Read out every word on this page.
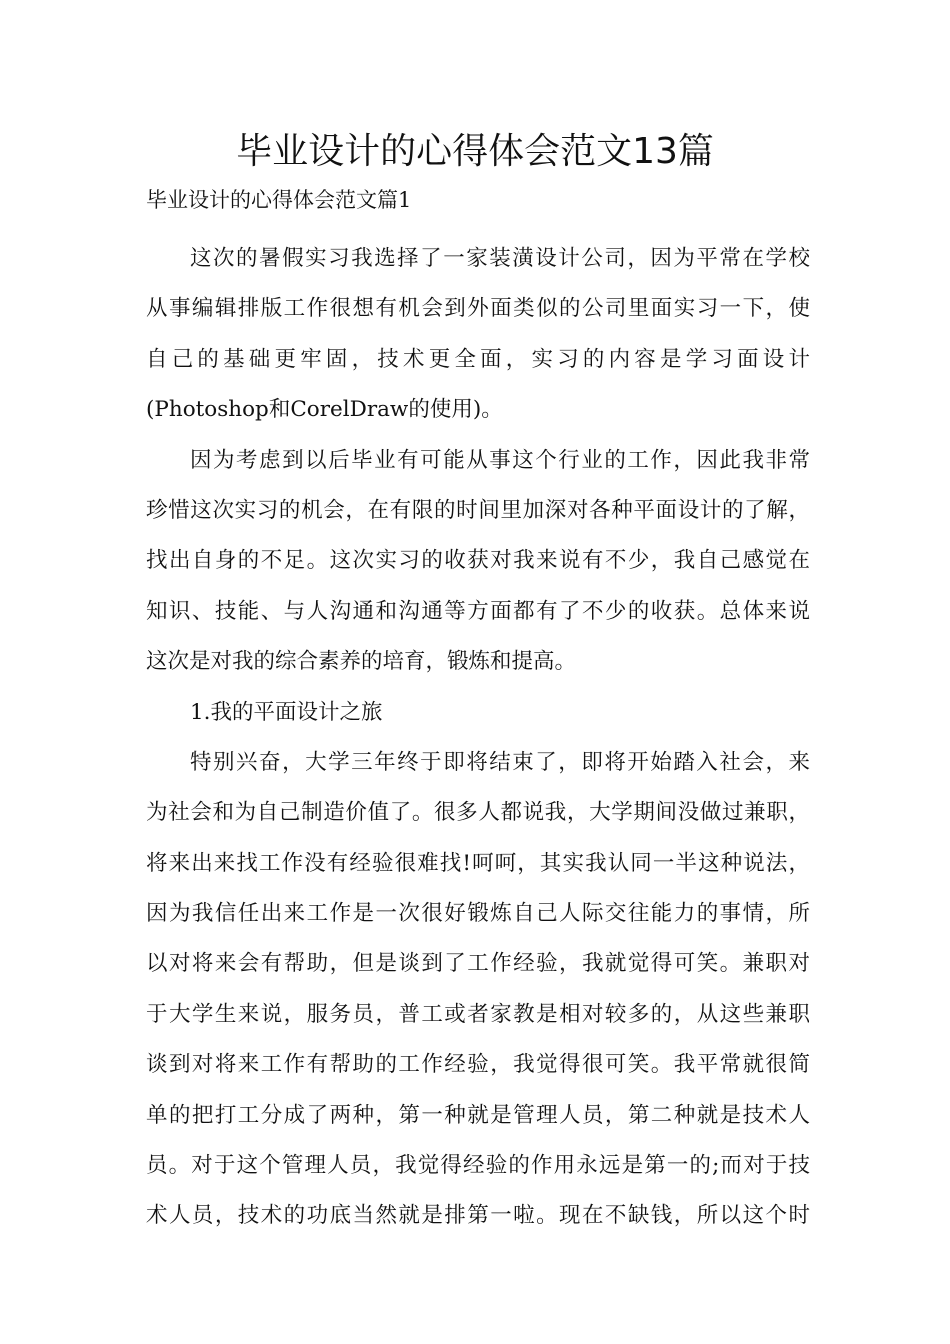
毕业设计的心得体会范文13篇
毕业设计的心得体会范文篇1
这次的暑假实习我选择了一家装潢设计公司，因为平常在学校
从事编辑排版工作很想有机会到外面类似的公司里面实习一下，使
自己的基础更牢固，技术更全面，实习的内容是学习面设计
(Photoshop和CorelDraw的使用)。
因为考虑到以后毕业有可能从事这个行业的工作，因此我非常
珍惜这次实习的机会，在有限的时间里加深对各种平面设计的了解，
找出自身的不足。这次实习的收获对我来说有不少，我自己感觉在
知识、技能、与人沟通和沟通等方面都有了不少的收获。总体来说
这次是对我的综合素养的培育，锻炼和提高。
1.我的平面设计之旅
特别兴奋，大学三年终于即将结束了，即将开始踏入社会，来
为社会和为自己制造价值了。很多人都说我，大学期间没做过兼职，
将来出来找工作没有经验很难找!呵呵，其实我认同一半这种说法，
因为我信任出来工作是一次很好锻炼自己人际交往能力的事情，所
以对将来会有帮助，但是谈到了工作经验，我就觉得可笑。兼职对
于大学生来说，服务员，普工或者家教是相对较多的，从这些兼职
谈到对将来工作有帮助的工作经验，我觉得很可笑。我平常就很简
单的把打工分成了两种，第一种就是管理人员，第二种就是技术人
员。对于这个管理人员，我觉得经验的作用永远是第一的;而对于技
术人员，技术的功底当然就是排第一啦。现在不缺钱，所以这个时
